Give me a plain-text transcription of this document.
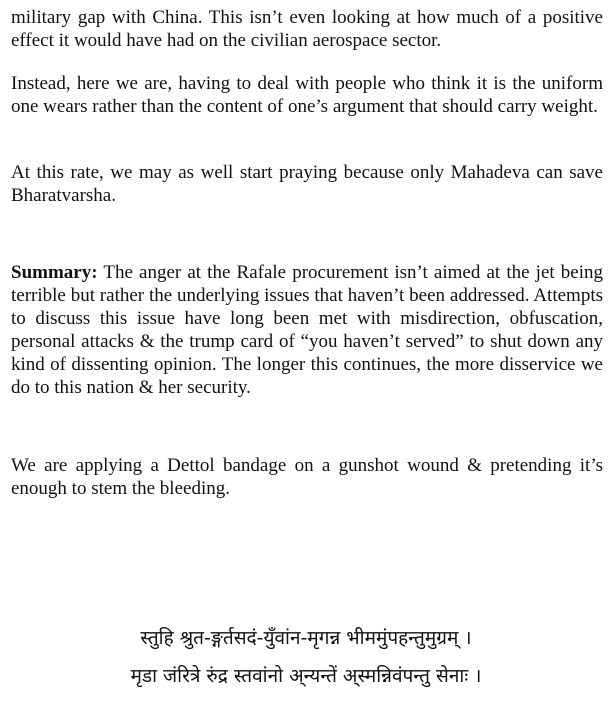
military gap with China. This isn’t even looking at how much of a positive effect it would have had on the civilian aerospace sector.

Instead, here we are, having to deal with people who think it is the uniform one wears rather than the content of one’s argument that should carry weight.

At this rate, we may as well start praying because only Mahadeva can save Bharatvarsha.

Summary: The anger at the Rafale procurement isn’t aimed at the jet being terrible but rather the underlying issues that haven’t been addressed. Attempts to discuss this issue have long been met with misdirection, obfuscation, personal attacks & the trump card of “you haven’t served” to shut down any kind of dissenting opinion. The longer this continues, the more disservice we do to this nation & her security.

We are applying a Dettol bandage on a gunshot wound & pretending it’s enough to stem the bleeding.

स्तुहि श्रुत-ङ्गर्तसदं-युँवांन-मृगन्न भीममुंपहन्तुमुग्रम् ।
मृडा जंरित्रे रुंद्र स्तवांनो अ्न्यन्तें अ्स्मन्निवंपन्तु सेनाः ।
